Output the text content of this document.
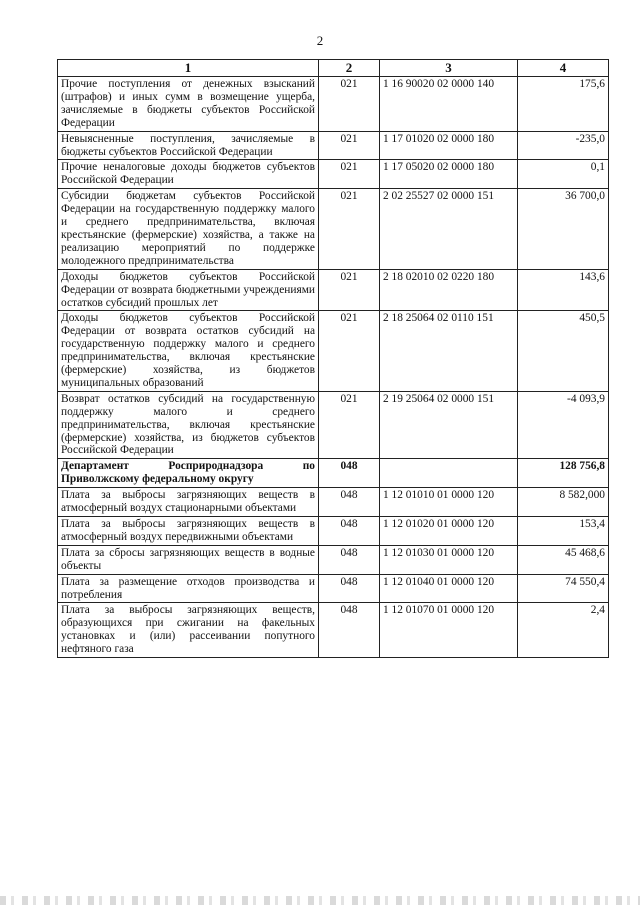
2
1	2	3	4
Прочие поступления от денежных взысканий (штрафов) и иных сумм в возмещение ущерба, зачисляемые в бюджеты субъектов Российской Федерации	021	1 16 90020 02 0000 140	175,6
Невыясненные поступления, зачисляемые в бюджеты субъектов Российской Федерации	021	1 17 01020 02 0000 180	-235,0
Прочие неналоговые доходы бюджетов субъектов Российской Федерации	021	1 17 05020 02 0000 180	0,1
Субсидии бюджетам субъектов Российской Федерации на государственную поддержку малого и среднего предпринимательства, включая крестьянские (фермерские) хозяйства, а также на реализацию мероприятий по поддержке молодежного предпринимательства	021	2 02 25527 02 0000 151	36 700,0
Доходы бюджетов субъектов Российской Федерации от возврата бюджетными учреждениями остатков субсидий прошлых лет	021	2 18 02010 02 0220 180	143,6
Доходы бюджетов субъектов Российской Федерации от возврата остатков субсидий на государственную поддержку малого и среднего предпринимательства, включая крестьянские (фермерские) хозяйства, из бюджетов муниципальных образований	021	2 18 25064 02 0110 151	450,5
Возврат остатков субсидий на государственную поддержку малого и среднего предпринимательства, включая крестьянские (фермерские) хозяйства, из бюджетов субъектов Российской Федерации	021	2 19 25064 02 0000 151	-4 093,9
Департамент Росприроднадзора по Приволжскому федеральному округу	048		128 756,8
Плата за выбросы загрязняющих веществ в атмосферный воздух стационарными объектами	048	1 12 01010 01 0000 120	8 582,000
Плата за выбросы загрязняющих веществ в атмосферный воздух передвижными объектами	048	1 12 01020 01 0000 120	153,4
Плата за сбросы загрязняющих веществ в водные объекты	048	1 12 01030 01 0000 120	45 468,6
Плата за размещение отходов производства и потребления	048	1 12 01040 01 0000 120	74 550,4
Плата за выбросы загрязняющих веществ, образующихся при сжигании на факельных установках и (или) рассеивании попутного нефтяного газа	048	1 12 01070 01 0000 120	2,4
